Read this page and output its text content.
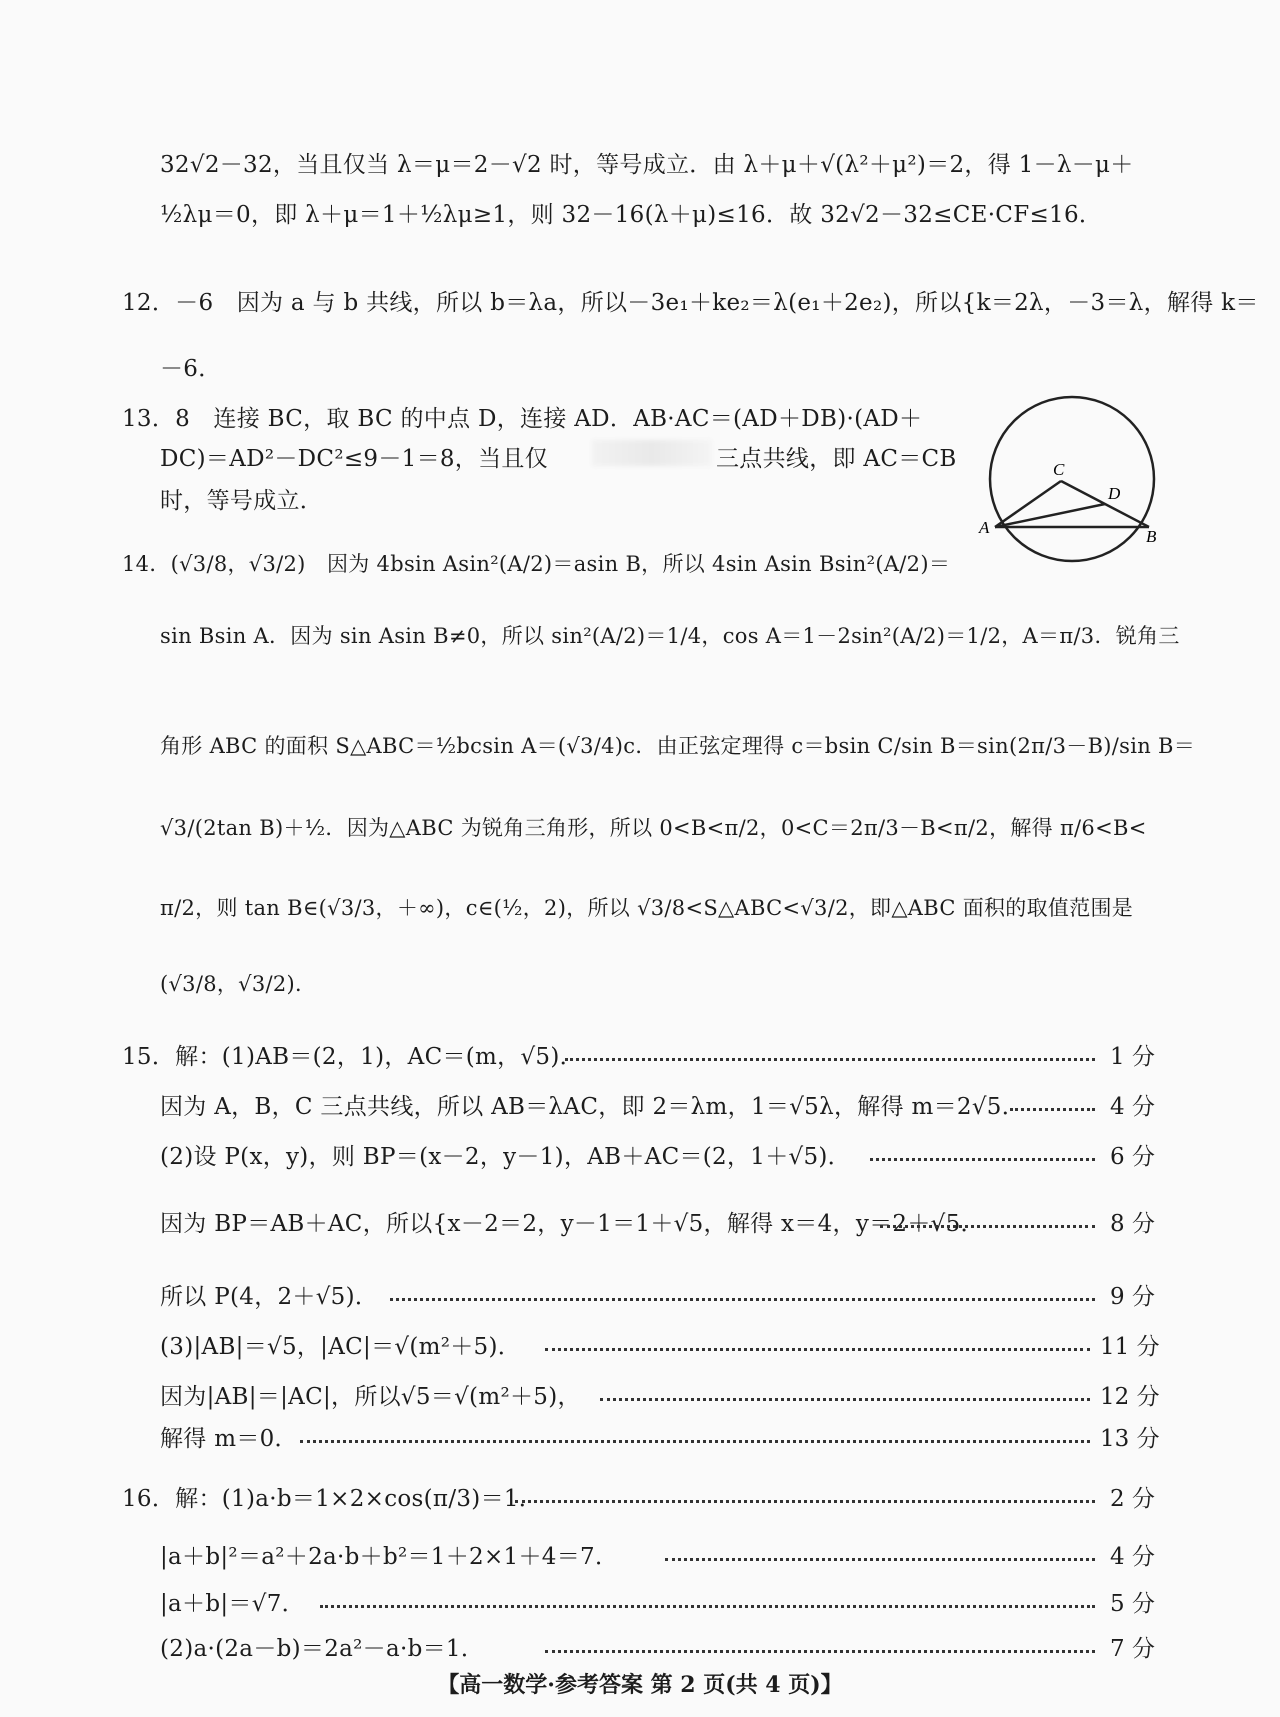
32√2－32，当且仅当 λ＝μ＝2－√2 时，等号成立．由 λ＋μ＋√(λ²＋μ²)＝2，得 1－λ－μ＋
½λμ＝0，即 λ＋μ＝1＋½λμ≥1，则 32－16(λ＋μ)≤16．故 32√2－32≤CE·CF≤16．
12．－6　因为 a 与 b 共线，所以 b＝λa，所以－3e₁＋ke₂＝λ(e₁＋2e₂)，所以{k＝2λ，－3＝λ，解得 k＝
－6．
13．8　连接 BC，取 BC 的中点 D，连接 AD．AB·AC＝(AD＋DB)·(AD＋
DC)＝AD²－DC²≤9－1＝8，当且仅	三点共线，即 AC＝CB
时，等号成立．
A	B
C
D
14．(√3/8，√3/2)　因为 4bsin Asin²(A/2)＝asin B，所以 4sin Asin Bsin²(A/2)＝
sin Bsin A．因为 sin Asin B≠0，所以 sin²(A/2)＝1/4，cos A＝1－2sin²(A/2)＝1/2，A＝π/3．锐角三
角形 ABC 的面积 S△ABC＝½bcsin A＝(√3/4)c．由正弦定理得 c＝bsin C/sin B＝sin(2π/3－B)/sin B＝
√3/(2tan B)＋½．因为△ABC 为锐角三角形，所以 0<B<π/2，0<C＝2π/3－B<π/2，解得 π/6<B<
π/2，则 tan B∈(√3/3，＋∞)，c∈(½，2)，所以 √3/8<S△ABC<√3/2，即△ABC 面积的取值范围是
(√3/8，√3/2)．
15．解：(1)AB＝(2，1)，AC＝(m，√5)．	1 分
因为 A，B，C 三点共线，所以 AB＝λAC，即 2＝λm，1＝√5λ，解得 m＝2√5．	4 分
(2)设 P(x，y)，则 BP＝(x－2，y－1)，AB＋AC＝(2，1＋√5)．	6 分
因为 BP＝AB＋AC，所以{x－2＝2，y－1＝1＋√5，解得 x＝4，y＝2＋√5．	8 分
所以 P(4，2＋√5)．	9 分
(3)|AB|＝√5，|AC|＝√(m²＋5)．	11 分
因为|AB|＝|AC|，所以√5＝√(m²＋5)，	12 分
解得 m＝0．	13 分
16．解：(1)a·b＝1×2×cos(π/3)＝1．	2 分
|a＋b|²＝a²＋2a·b＋b²＝1＋2×1＋4＝7．	4 分
|a＋b|＝√7．	5 分
(2)a·(2a－b)＝2a²－a·b＝1．	7 分
【高一数学·参考答案 第 2 页(共 4 页)】
